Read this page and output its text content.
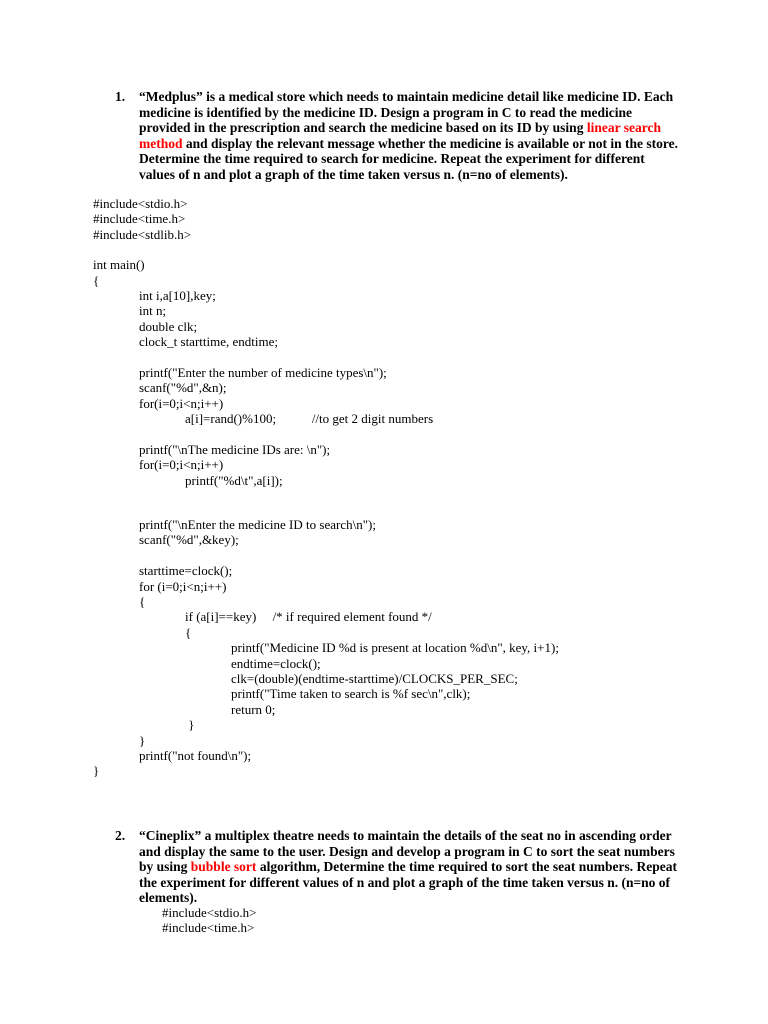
1. “Medplus” is a medical store which needs to maintain medicine detail like medicine ID. Each medicine is identified by the medicine ID. Design a program in C to read the medicine provided in the prescription and search the medicine based on its ID by using linear search method and display the relevant message whether the medicine is available or not in the store. Determine the time required to search for medicine. Repeat the experiment for different values of n and plot a graph of the time taken versus n. (n=no of elements).
#include<stdio.h>
#include<time.h>
#include<stdlib.h>
int main()
{
int i,a[10],key;
int n;
double clk;
clock_t starttime, endtime;
printf("Enter the number of medicine types\n");
scanf("%d",&n);
for(i=0;i<n;i++)
a[i]=rand()%100;           //to get 2 digit numbers
printf("\nThe medicine IDs are: \n");
for(i=0;i<n;i++)
printf("%d\t",a[i]);
printf("\nEnter the medicine ID to search\n");
scanf("%d",&key);
starttime=clock();
for (i=0;i<n;i++)
{
if (a[i]==key)     /* if required element found */
{
printf("Medicine ID %d is present at location %d\n", key, i+1);
endtime=clock();
clk=(double)(endtime-starttime)/CLOCKS_PER_SEC;
printf("Time taken to search is %f sec\n",clk);
return 0;
}
}
printf("not found\n");
}
2. “Cineplix” a multiplex theatre needs to maintain the details of the seat no in ascending order and display the same to the user. Design and develop a program in C to sort the seat numbers by using bubble sort algorithm, Determine the time required to sort the seat numbers. Repeat the experiment for different values of n and plot a graph of the time taken versus n. (n=no of elements).
#include<stdio.h>
#include<time.h>
